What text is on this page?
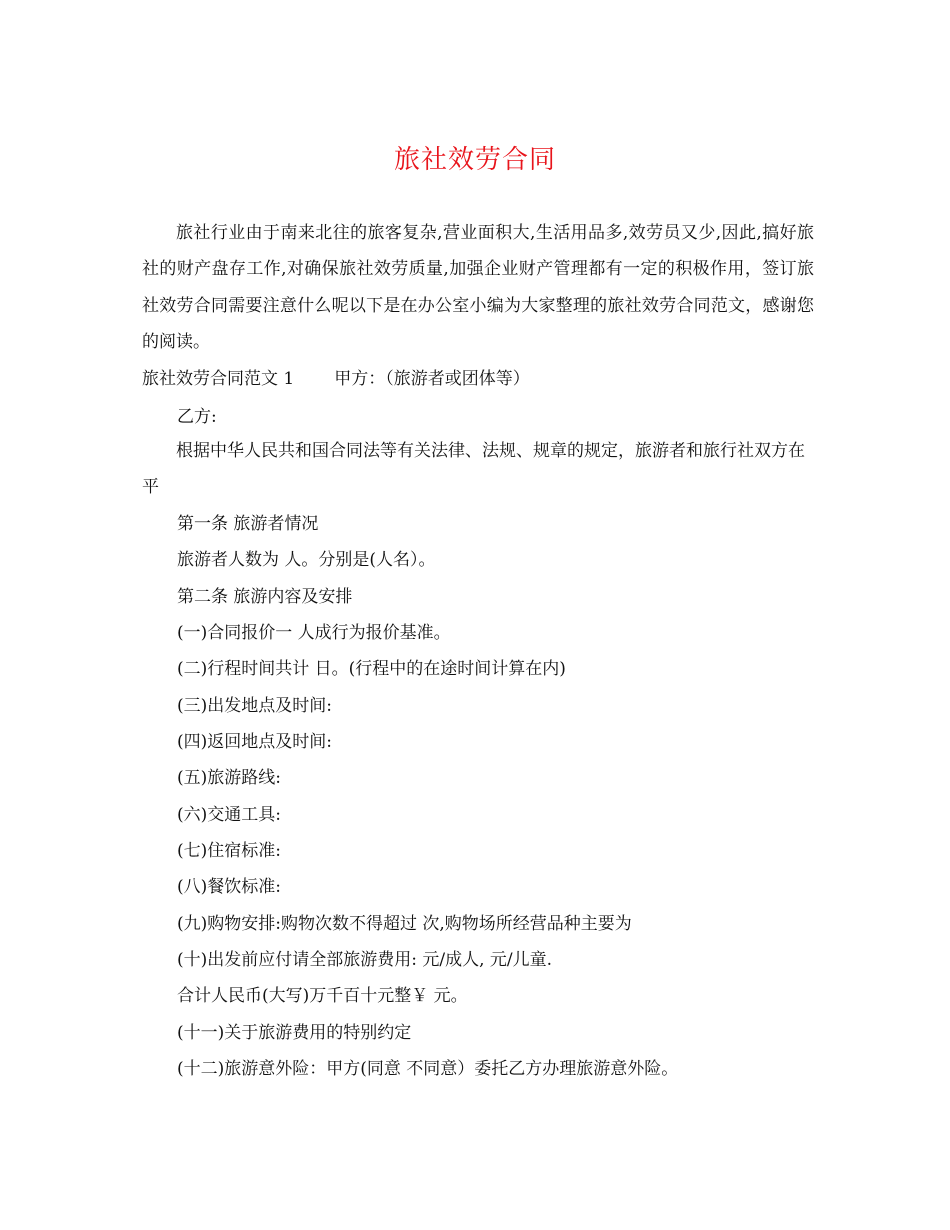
旅社效劳合同
旅社行业由于南来北往的旅客复杂,营业面积大,生活用品多,效劳员又少,因此,搞好旅社的财产盘存工作,对确保旅社效劳质量,加强企业财产管理都有一定的积极作用，签订旅社效劳合同需要注意什么呢以下是在办公室小编为大家整理的旅社效劳合同范文，感谢您的阅读。
旅社效劳合同范文 1 甲方：（旅游者或团体等）
乙方:
根据中华人民共和国合同法等有关法律、法规、规章的规定，旅游者和旅行社双方在平
第一条 旅游者情况
旅游者人数为 人。分别是(人名）。
第二条 旅游内容及安排
(一)合同报价一 人成行为报价基准。
(二)行程时间共计 日。(行程中的在途时间计算在内)
(三)出发地点及时间:
(四)返回地点及时间:
(五)旅游路线:
(六)交通工具:
(七)住宿标准:
(八)餐饮标准:
(九)购物安排:购物次数不得超过 次,购物场所经营品种主要为
(十)出发前应付请全部旅游费用: 元/成人, 元/儿童.
合计人民币(大写)万千百十元整￥ 元。
(十一)关于旅游费用的特别约定
(十二)旅游意外险：甲方(同意 不同意）委托乙方办理旅游意外险。
